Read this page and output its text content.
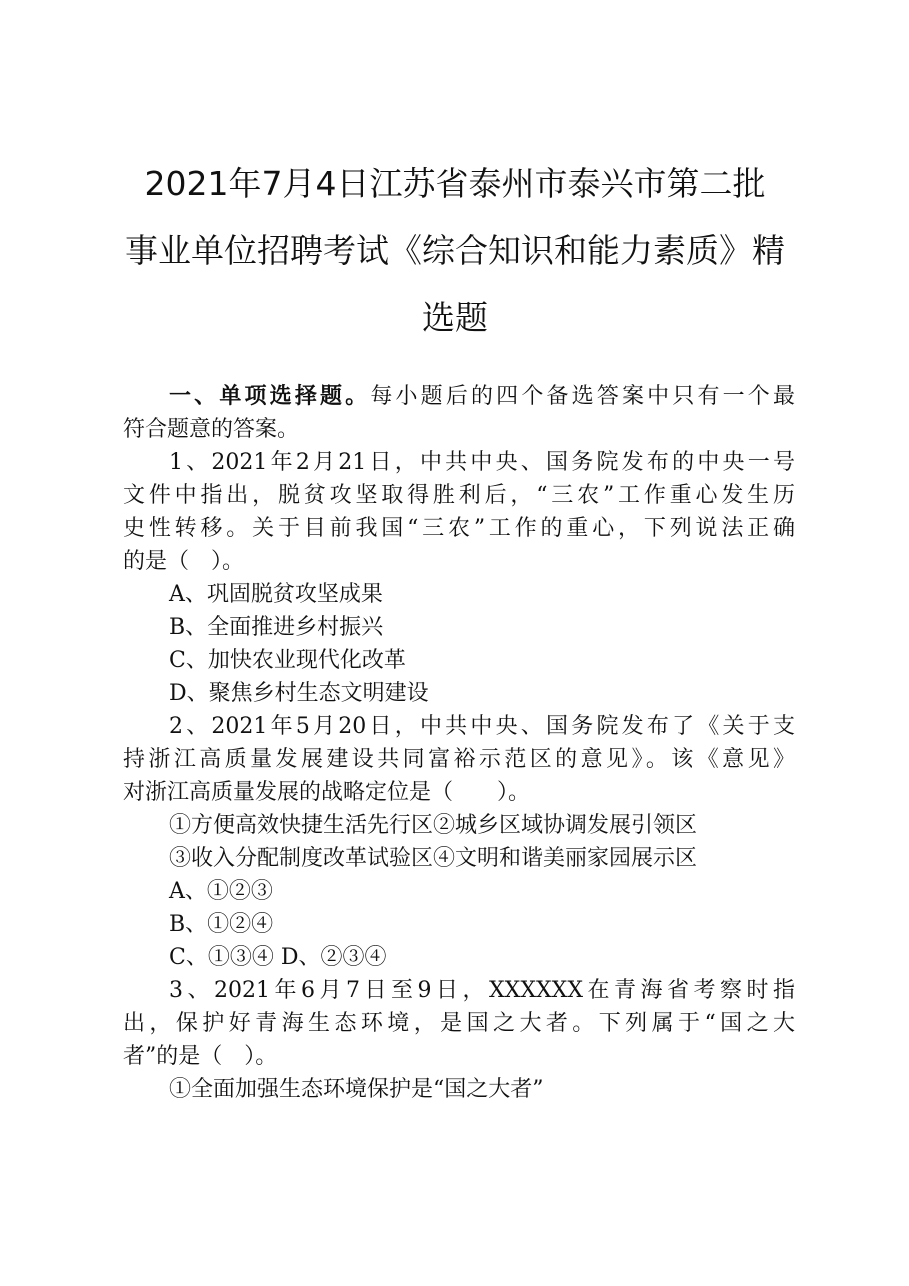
2021年7月4日江苏省泰州市泰兴市第二批
事业单位招聘考试《综合知识和能力素质》精
选题
一、单项选择题。每小题后的四个备选答案中只有一个最
符合题意的答案。
1、2021年2月21日，中共中央、国务院发布的中央一号
文件中指出，脱贫攻坚取得胜利后，“三农”工作重心发生历
史性转移。关于目前我国“三农”工作的重心，下列说法正确
的是（　）。
A、巩固脱贫攻坚成果
B、全面推进乡村振兴
C、加快农业现代化改革
D、聚焦乡村生态文明建设
2、2021年5月20日，中共中央、国务院发布了《关于支
持浙江高质量发展建设共同富裕示范区的意见》。该《意见》
对浙江高质量发展的战略定位是（　　）。
①方便高效快捷生活先行区②城乡区域协调发展引领区
③收入分配制度改革试验区④文明和谐美丽家园展示区
A、①②③
B、①②④
C、①③④ D、②③④
3、2021年6月7日至9日，XXXXXX在青海省考察时指
出，保护好青海生态环境，是国之大者。下列属于“国之大
者”的是（　）。
①全面加强生态环境保护是“国之大者”
